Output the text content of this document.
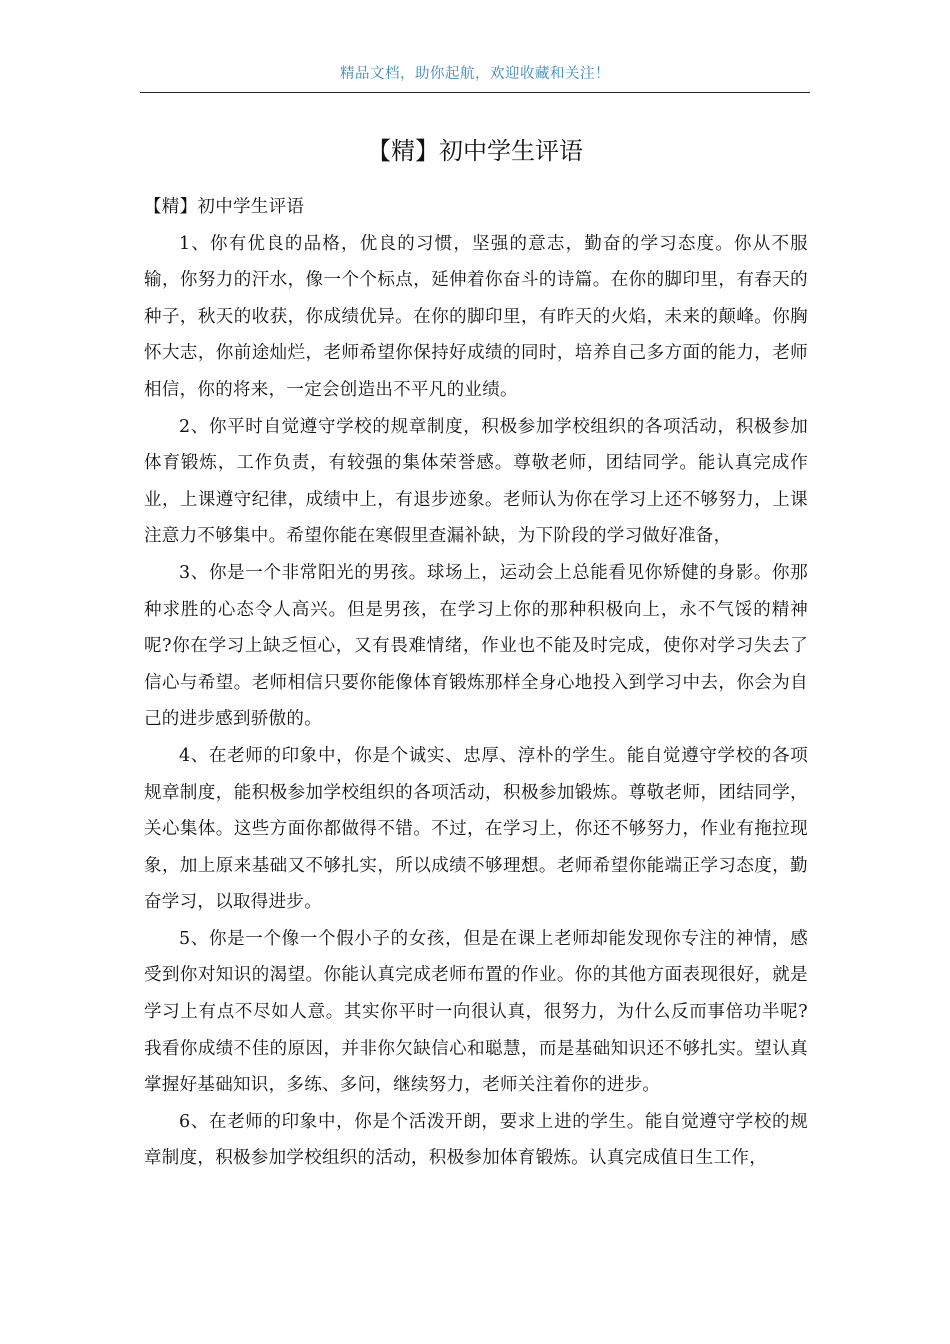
精品文档，助你起航，欢迎收藏和关注！
【精】初中学生评语

【精】初中学生评语

1、你有优良的品格，优良的习惯，坚强的意志，勤奋的学习态度。你从不服输，你努力的汗水，像一个个标点，延伸着你奋斗的诗篇。在你的脚印里，有春天的种子，秋天的收获，你成绩优异。在你的脚印里，有昨天的火焰，未来的颠峰。你胸怀大志，你前途灿烂，老师希望你保持好成绩的同时，培养自己多方面的能力，老师相信，你的将来，一定会创造出不平凡的业绩。

2、你平时自觉遵守学校的规章制度，积极参加学校组织的各项活动，积极参加体育锻炼，工作负责，有较强的集体荣誉感。尊敬老师，团结同学。能认真完成作业，上课遵守纪律，成绩中上，有退步迹象。老师认为你在学习上还不够努力，上课注意力不够集中。希望你能在寒假里查漏补缺，为下阶段的学习做好准备，

3、你是一个非常阳光的男孩。球场上，运动会上总能看见你矫健的身影。你那种求胜的心态令人高兴。但是男孩，在学习上你的那种积极向上，永不气馁的精神呢?你在学习上缺乏恒心，又有畏难情绪，作业也不能及时完成，使你对学习失去了信心与希望。老师相信只要你能像体育锻炼那样全身心地投入到学习中去，你会为自己的进步感到骄傲的。

4、在老师的印象中，你是个诚实、忠厚、淳朴的学生。能自觉遵守学校的各项规章制度，能积极参加学校组织的各项活动，积极参加锻炼。尊敬老师，团结同学，关心集体。这些方面你都做得不错。不过，在学习上，你还不够努力，作业有拖拉现象，加上原来基础又不够扎实，所以成绩不够理想。老师希望你能端正学习态度，勤奋学习，以取得进步。

5、你是一个像一个假小子的女孩，但是在课上老师却能发现你专注的神情，感受到你对知识的渴望。你能认真完成老师布置的作业。你的其他方面表现很好，就是学习上有点不尽如人意。其实你平时一向很认真，很努力，为什么反而事倍功半呢?我看你成绩不佳的原因，并非你欠缺信心和聪慧，而是基础知识还不够扎实。望认真掌握好基础知识，多练、多问，继续努力，老师关注着你的进步。

6、在老师的印象中，你是个活泼开朗，要求上进的学生。能自觉遵守学校的规章制度，积极参加学校组织的活动，积极参加体育锻炼。认真完成值日生工作，
